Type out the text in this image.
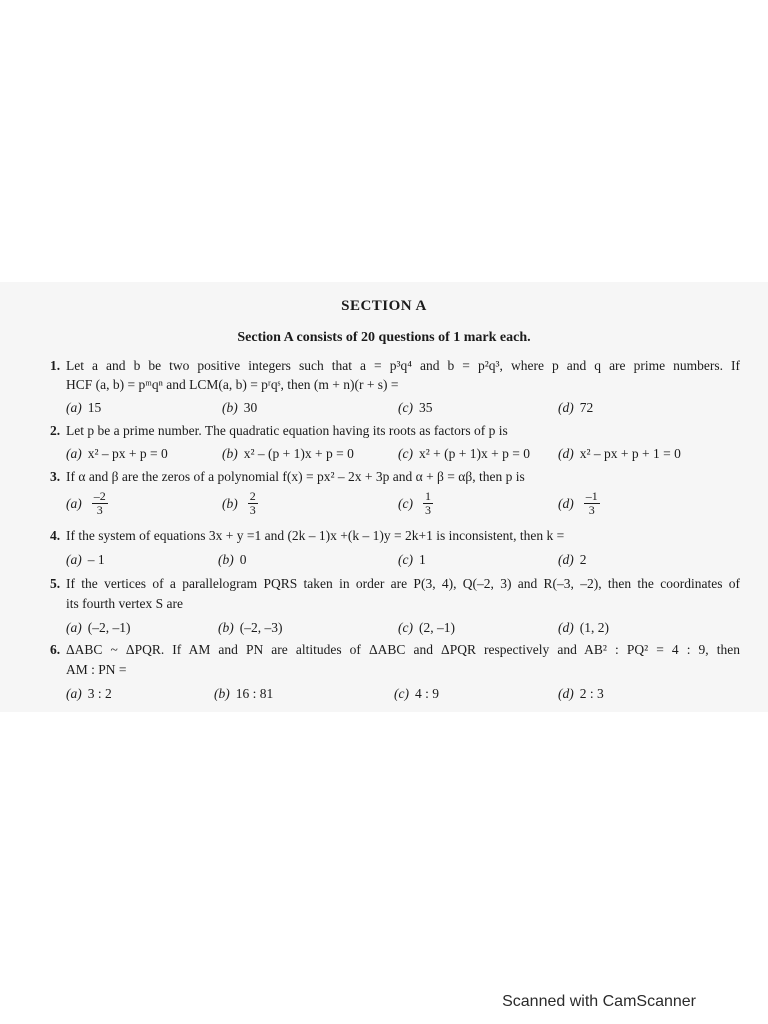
SECTION A
Section A consists of 20 questions of 1 mark each.
1. Let a and b be two positive integers such that a = p³q⁴ and b = p²q³, where p and q are prime numbers. If
HCF (a, b) = pᵐqⁿ and LCM(a, b) = pʳqˢ, then (m + n)(r + s) =
(a) 15	(b) 30	(c) 35	(d) 72
2. Let p be a prime number. The quadratic equation having its roots as factors of p is
(a) x² – px + p = 0	(b) x² – (p + 1)x + p = 0	(c) x² + (p + 1)x + p = 0 (d) x² – px + p + 1 = 0
3. If α and β are the zeros of a polynomial f(x) = px² – 2x + 3p and α + β = αβ, then p is
$(a) \frac{-2}{3}$	$(b) \frac{2}{3}$	$(c) \frac{1}{3}$	$(d) \frac{-1}{3}$
4. If the system of equations 3x + y =1 and (2k – 1)x +(k – 1)y = 2k+1 is inconsistent, then k =
(a) – 1	(b) 0	(c) 1	(d) 2
5. If the vertices of a parallelogram PQRS taken in order are P(3, 4), Q(–2, 3) and R(–3, –2), then the coordinates of
its fourth vertex S are
(a) (–2, –1)	(b) (–2, –3)	(c) (2, –1)	(d) (1, 2)
6. ΔABC ~ ΔPQR. If AM and PN are altitudes of ΔABC and ΔPQR respectively and AB² : PQ² = 4 : 9, then
AM : PN =
(a) 3 : 2	(b) 16 : 81	(c) 4 : 9	(d) 2 : 3
Scanned with CamScanner
